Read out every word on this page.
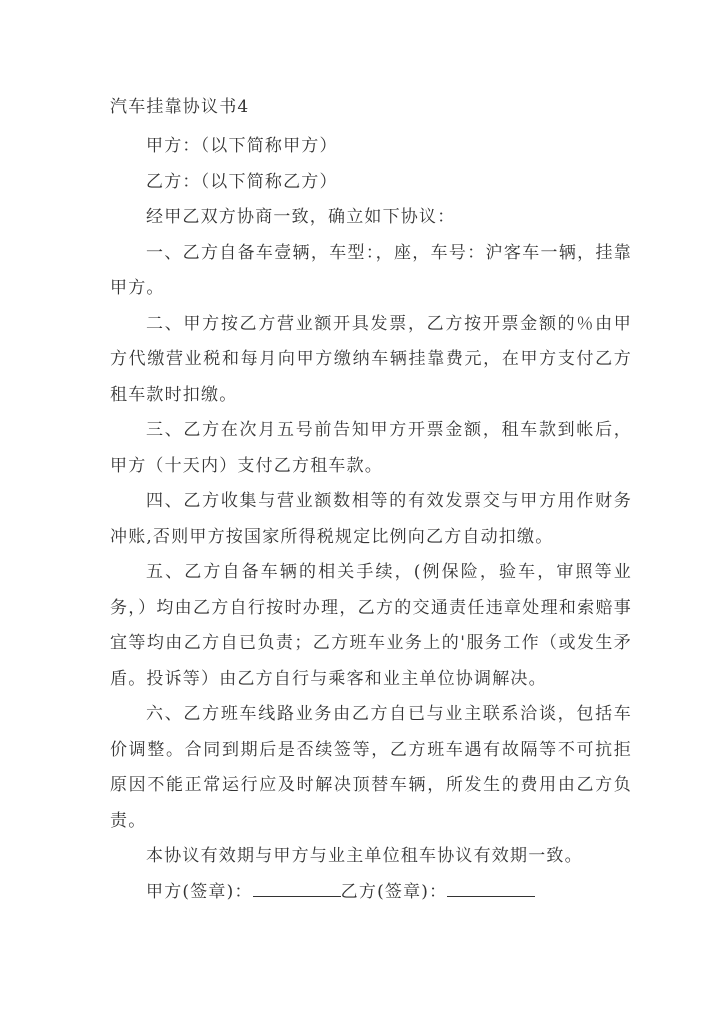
汽车挂靠协议书4

甲方：（以下简称甲方）

乙方：（以下简称乙方）

经甲乙双方协商一致，确立如下协议：

一、乙方自备车壹辆，车型：，座，车号：沪客车一辆，挂靠甲方。

二、甲方按乙方营业额开具发票，乙方按开票金额的％由甲方代缴营业税和每月向甲方缴纳车辆挂靠费元，在甲方支付乙方租车款时扣缴。

三、乙方在次月五号前告知甲方开票金额，租车款到帐后，甲方（十天内）支付乙方租车款。

四、乙方收集与营业额数相等的有效发票交与甲方用作财务冲账,否则甲方按国家所得税规定比例向乙方自动扣缴。

五、乙方自备车辆的相关手续，(例保险，验车，审照等业务，）均由乙方自行按时办理，乙方的交通责任违章处理和索赔事宜等均由乙方自已负责；乙方班车业务上的'服务工作（或发生矛盾。投诉等）由乙方自行与乘客和业主单位协调解决。

六、乙方班车线路业务由乙方自已与业主联系洽谈，包括车价调整。合同到期后是否续签等，乙方班车遇有故隔等不可抗拒原因不能正常运行应及时解决顶替车辆，所发生的费用由乙方负责。

本协议有效期与甲方与业主单位租车协议有效期一致。

甲方(签章)：	乙方(签章)：
